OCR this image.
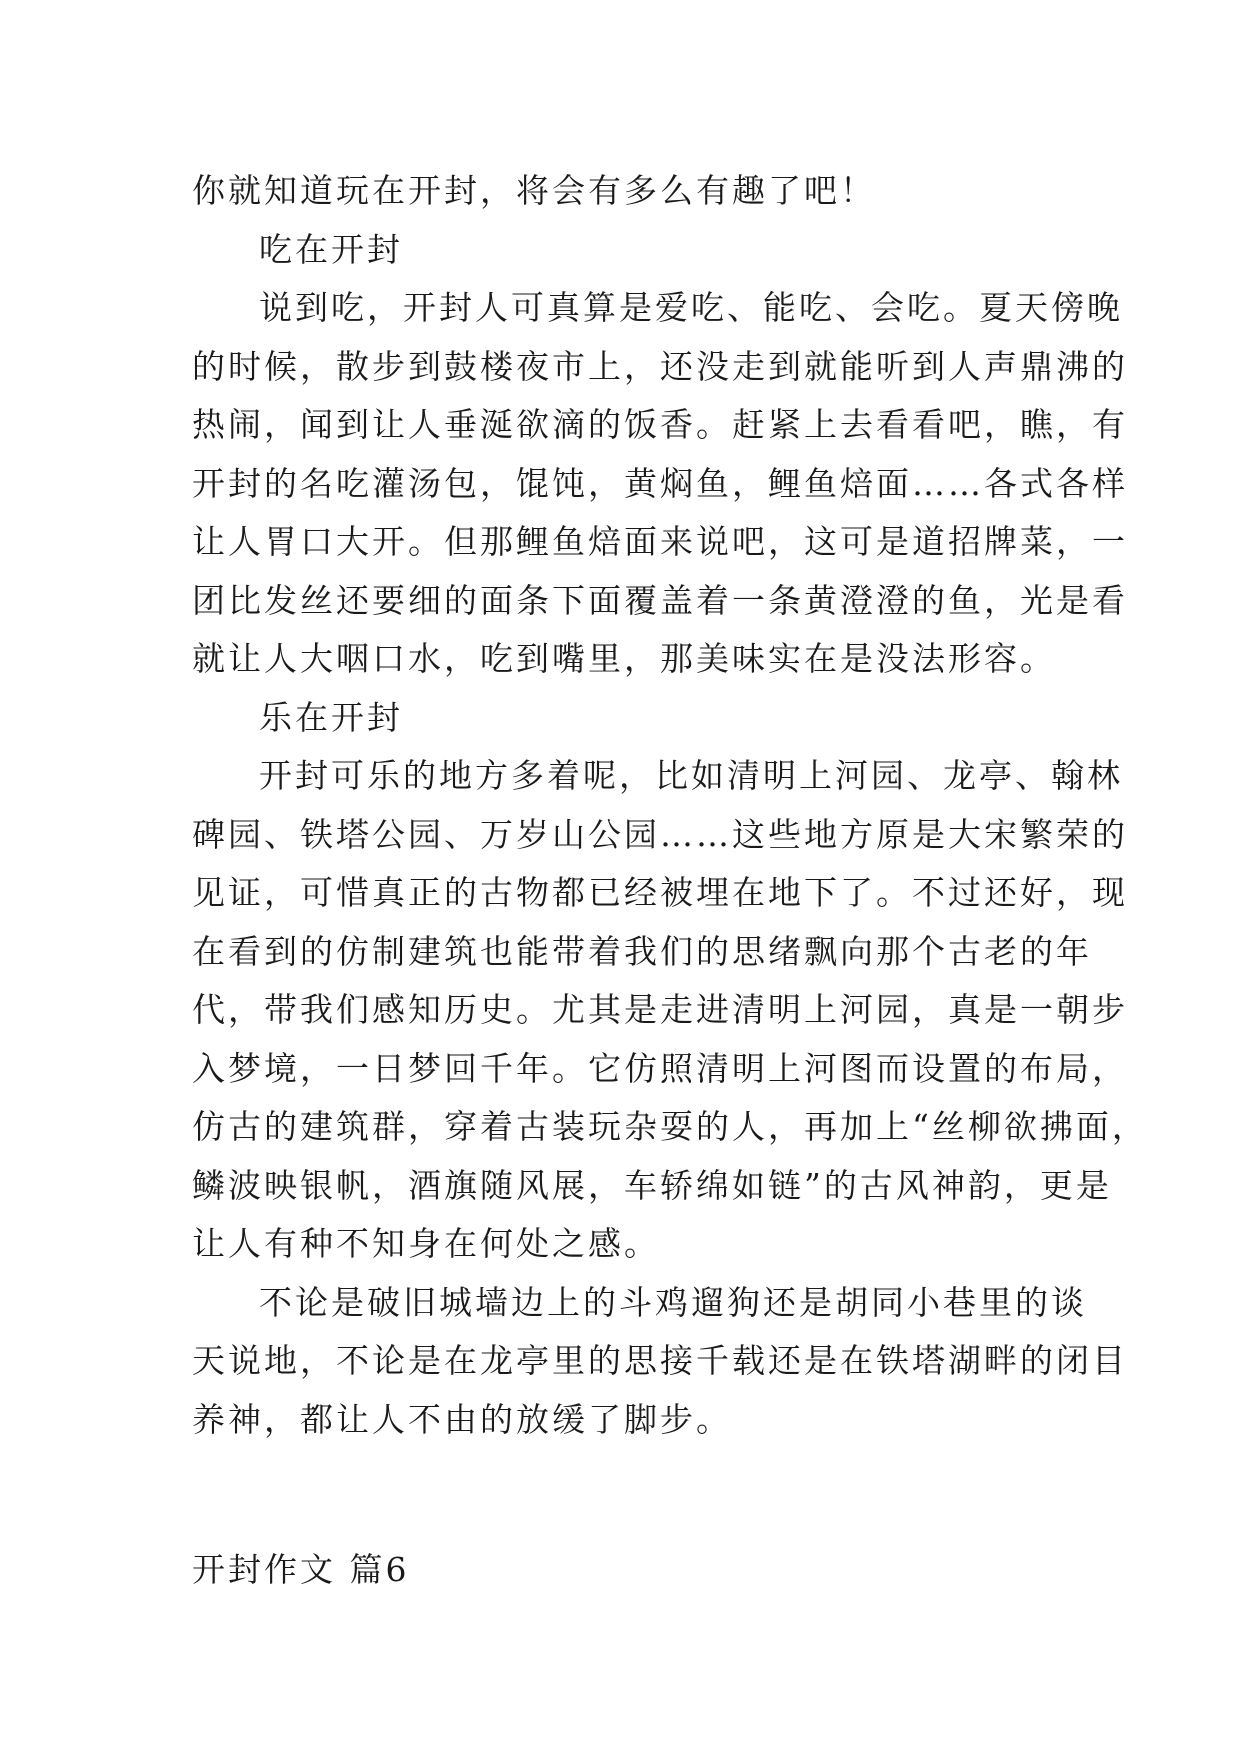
你就知道玩在开封，将会有多么有趣了吧！
吃在开封
说到吃，开封人可真算是爱吃、能吃、会吃。夏天傍晚
的时候，散步到鼓楼夜市上，还没走到就能听到人声鼎沸的
热闹，闻到让人垂涎欲滴的饭香。赶紧上去看看吧，瞧，有
开封的名吃灌汤包，馄饨，黄焖鱼，鲤鱼焙面……各式各样
让人胃口大开。但那鲤鱼焙面来说吧，这可是道招牌菜，一
团比发丝还要细的面条下面覆盖着一条黄澄澄的鱼，光是看
就让人大咽口水，吃到嘴里，那美味实在是没法形容。
乐在开封
开封可乐的地方多着呢，比如清明上河园、龙亭、翰林
碑园、铁塔公园、万岁山公园……这些地方原是大宋繁荣的
见证，可惜真正的古物都已经被埋在地下了。不过还好，现
在看到的仿制建筑也能带着我们的思绪飘向那个古老的年
代，带我们感知历史。尤其是走进清明上河园，真是一朝步
入梦境，一日梦回千年。它仿照清明上河图而设置的布局，
仿古的建筑群，穿着古装玩杂耍的人，再加上“丝柳欲拂面，
鳞波映银帆，酒旗随风展，车轿绵如链”的古风神韵，更是
让人有种不知身在何处之感。
不论是破旧城墙边上的斗鸡遛狗还是胡同小巷里的谈
天说地，不论是在龙亭里的思接千载还是在铁塔湖畔的闭目
养神，都让人不由的放缓了脚步。
开封作文 篇6
